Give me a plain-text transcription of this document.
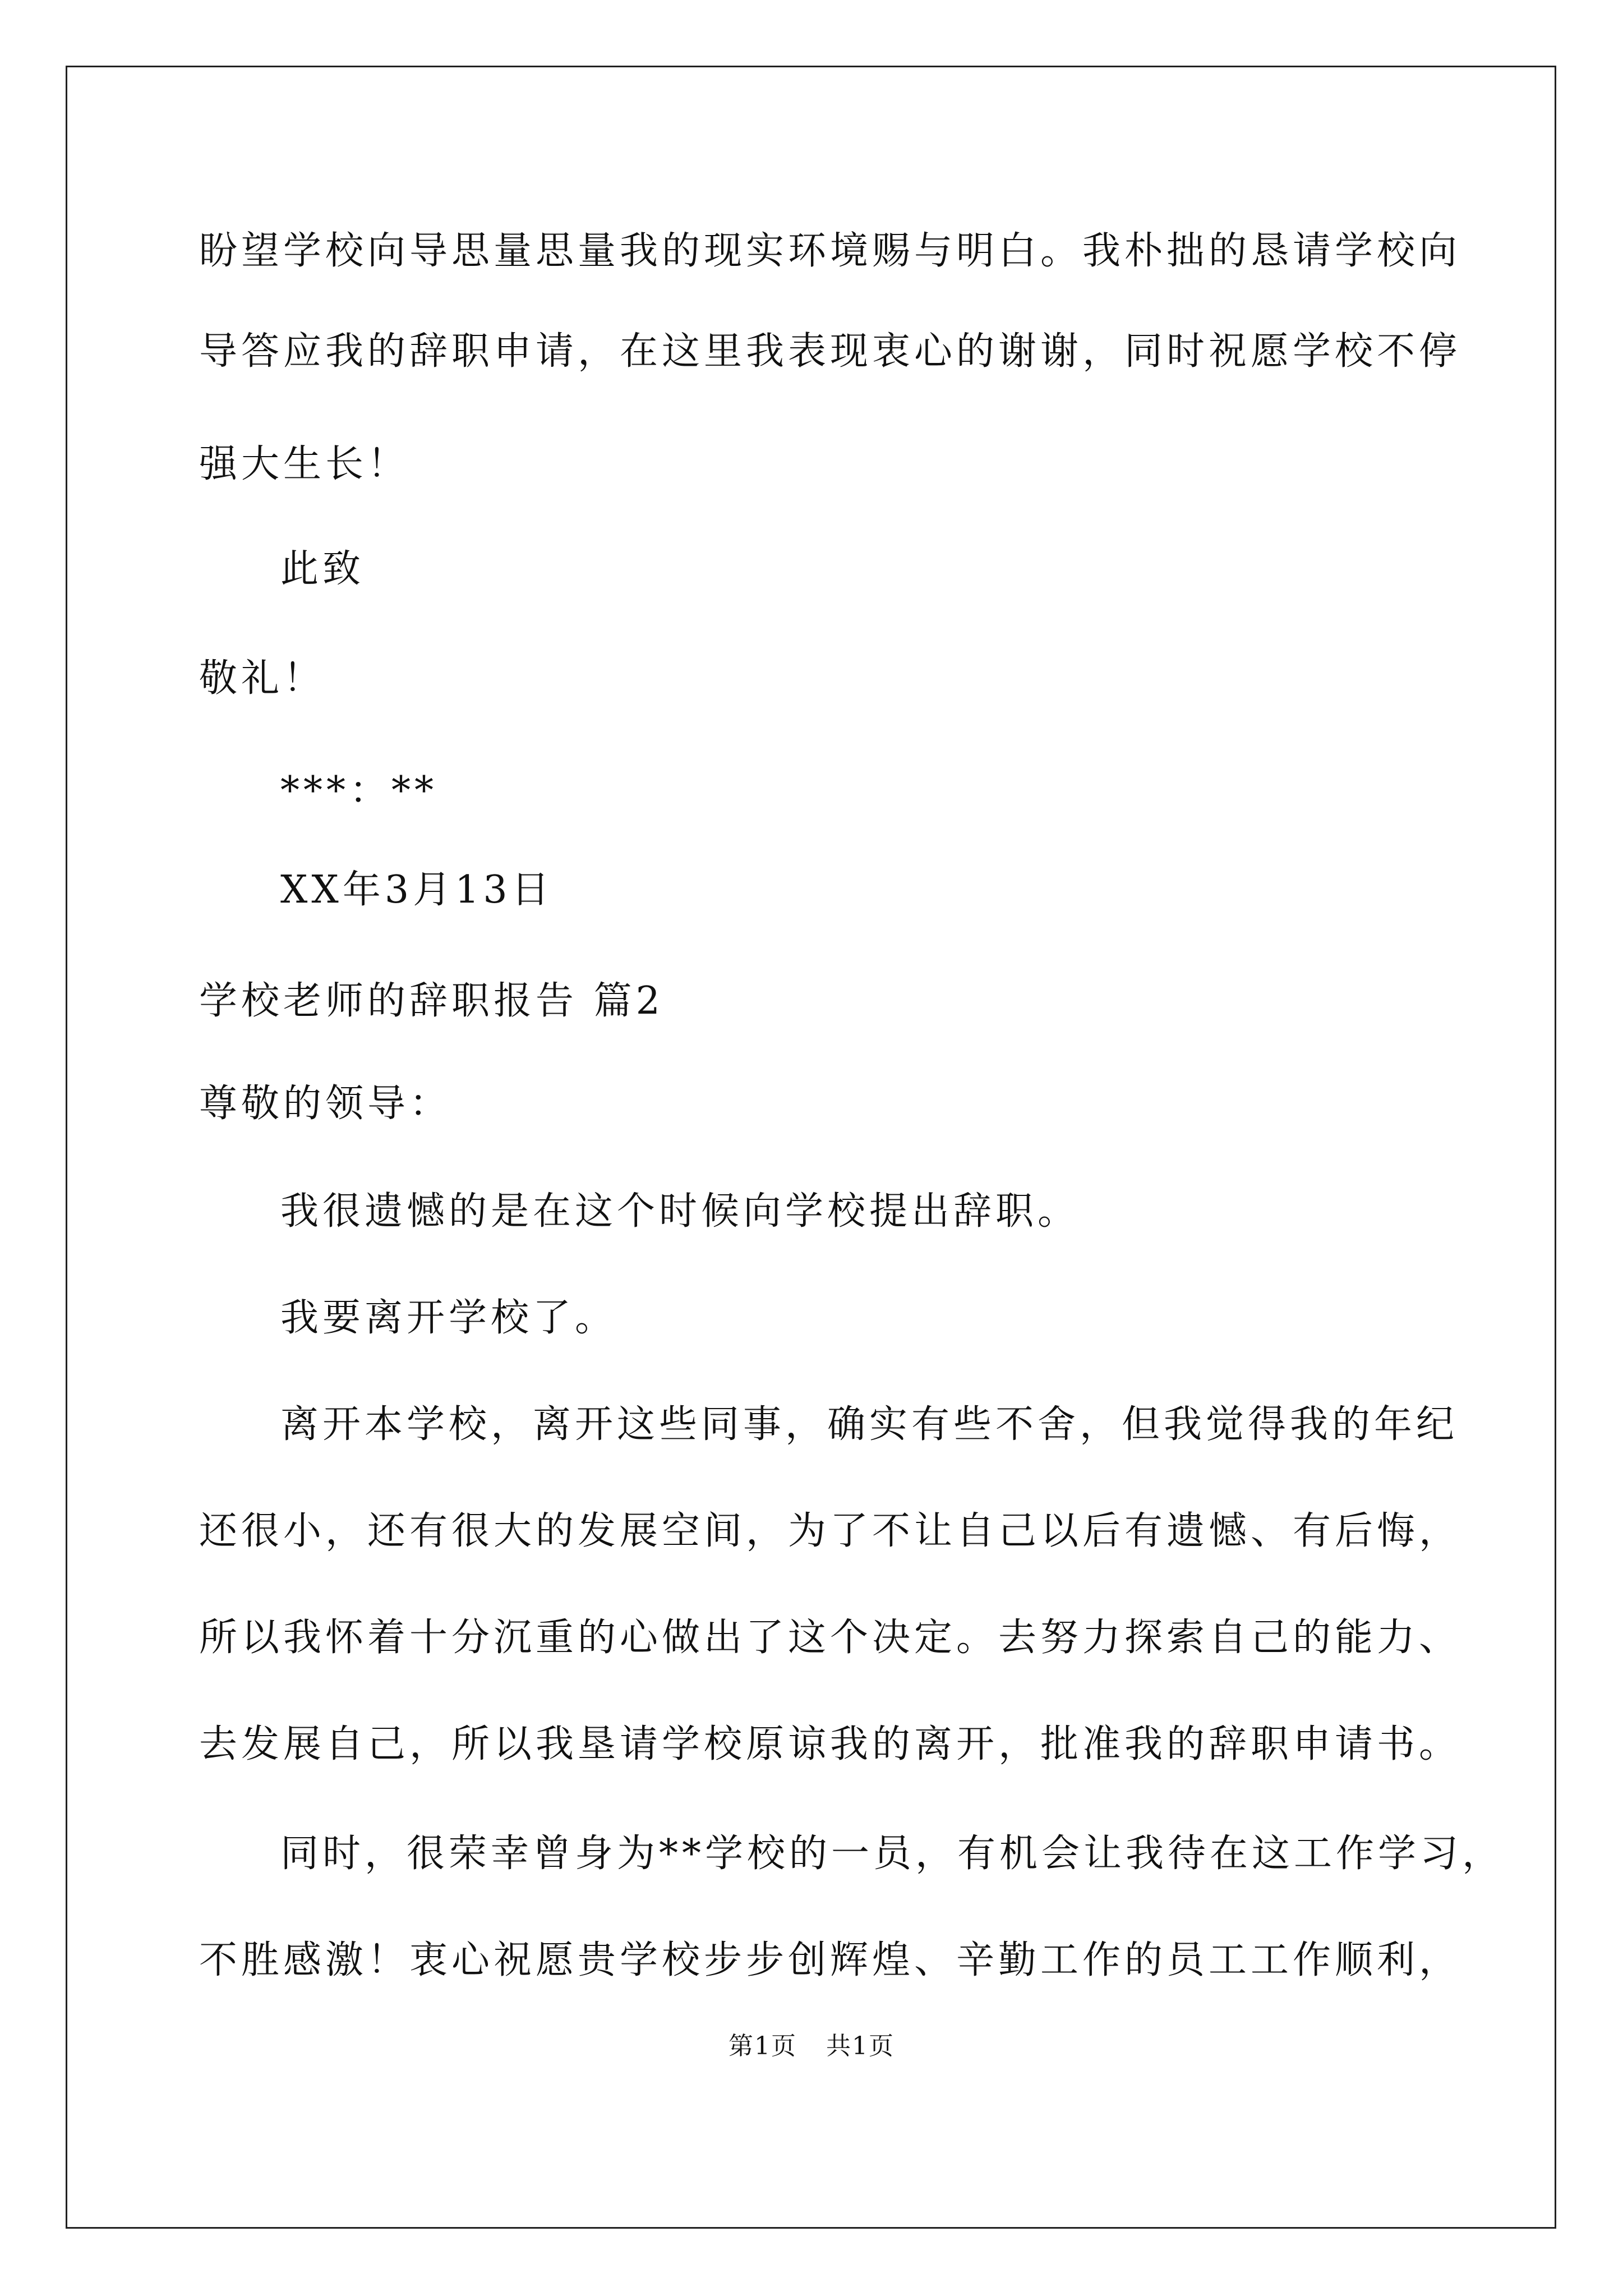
盼望学校向导思量思量我的现实环境赐与明白。我朴拙的恳请学校向
导答应我的辞职申请，在这里我表现衷心的谢谢，同时祝愿学校不停
强大生长！
此致
敬礼！
***：**
XX年3月13日
学校老师的辞职报告 篇2
尊敬的领导：
我很遗憾的是在这个时候向学校提出辞职。
我要离开学校了。
离开本学校，离开这些同事，确实有些不舍，但我觉得我的年纪
还很小，还有很大的发展空间，为了不让自己以后有遗憾、有后悔，
所以我怀着十分沉重的心做出了这个决定。去努力探索自己的能力、
去发展自己，所以我垦请学校原谅我的离开，批准我的辞职申请书。
同时，很荣幸曾身为**学校的一员，有机会让我待在这工作学习，
不胜感激！衷心祝愿贵学校步步创辉煌、辛勤工作的员工工作顺利，
第1页 共1页
